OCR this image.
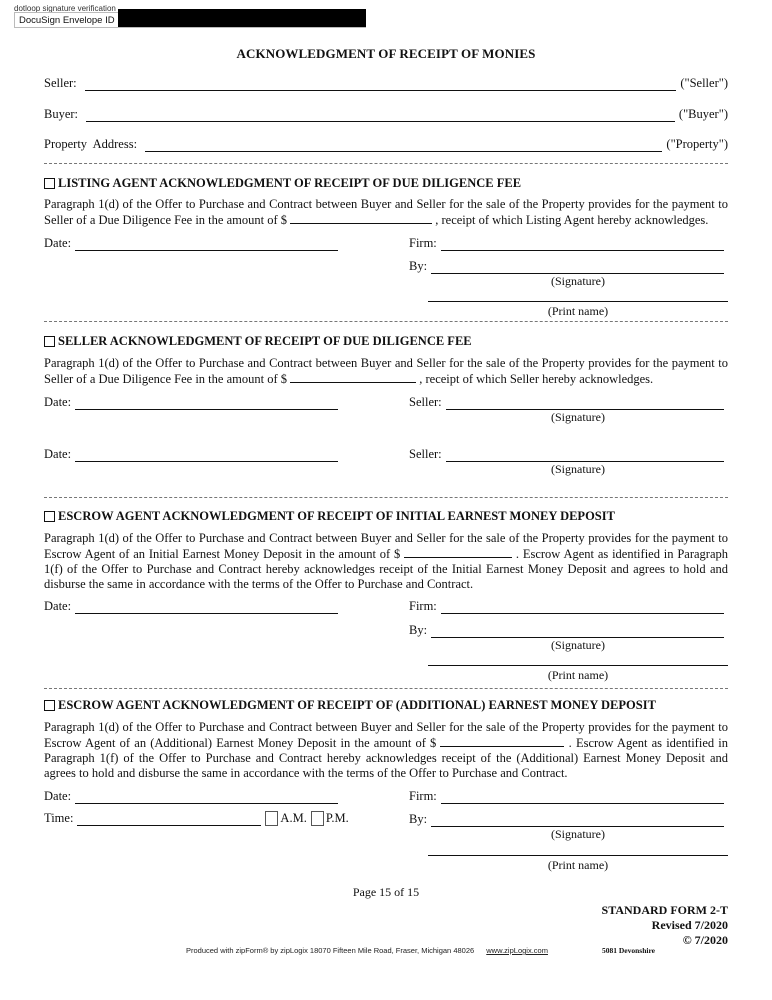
dotloop signature verification
DocuSign Envelope ID
ACKNOWLEDGMENT OF RECEIPT OF MONIES
Seller:	("Seller")
Buyer:	("Buyer")
Property  Address:	("Property")
LISTING AGENT ACKNOWLEDGMENT OF RECEIPT OF DUE DILIGENCE FEE
Paragraph 1(d) of the Offer to Purchase and Contract between Buyer and Seller for the sale of the Property provides for the payment to Seller of a Due Diligence Fee in the amount of $	, receipt of which Listing Agent hereby acknowledges.
Date:	Firm:
By:
(Signature)
(Print name)
SELLER ACKNOWLEDGMENT OF RECEIPT OF DUE DILIGENCE FEE
Paragraph 1(d) of the Offer to Purchase and Contract between Buyer and Seller for the sale of the Property provides for the payment to Seller of a Due Diligence Fee in the amount of $	, receipt of which Seller hereby acknowledges.
Date:	Seller:
(Signature)
Date:	Seller:
(Signature)
ESCROW AGENT ACKNOWLEDGMENT OF RECEIPT OF INITIAL EARNEST MONEY DEPOSIT
Paragraph 1(d) of the Offer to Purchase and Contract between Buyer and Seller for the sale of the Property provides for the payment to Escrow Agent of an Initial Earnest Money Deposit in the amount of $	. Escrow Agent as identified in Paragraph 1(f) of the Offer to Purchase and Contract hereby acknowledges receipt of the Initial Earnest Money Deposit and agrees to hold and disburse the same in accordance with the terms of the Offer to Purchase and Contract.
Date:	Firm:
By:
(Signature)
(Print name)
ESCROW AGENT ACKNOWLEDGMENT OF RECEIPT OF (ADDITIONAL) EARNEST MONEY DEPOSIT
Paragraph 1(d) of the Offer to Purchase and Contract between Buyer and Seller for the sale of the Property provides for the payment to Escrow Agent of an (Additional) Earnest Money Deposit in the amount of $	. Escrow Agent as identified in Paragraph 1(f) of the Offer to Purchase and Contract hereby acknowledges receipt of the (Additional) Earnest Money Deposit and agrees to hold and disburse the same in accordance with the terms of the Offer to Purchase and Contract.
Date:	Firm:
Time:	A.M. P.M.	By:
(Signature)
(Print name)
Page 15 of 15
STANDARD FORM 2-T
Revised 7/2020
© 7/2020
Produced with zipForm® by zipLogix 18070 Fifteen Mile Road, Fraser, Michigan 48026 www.zipLogix.com	5081 Devonshire
